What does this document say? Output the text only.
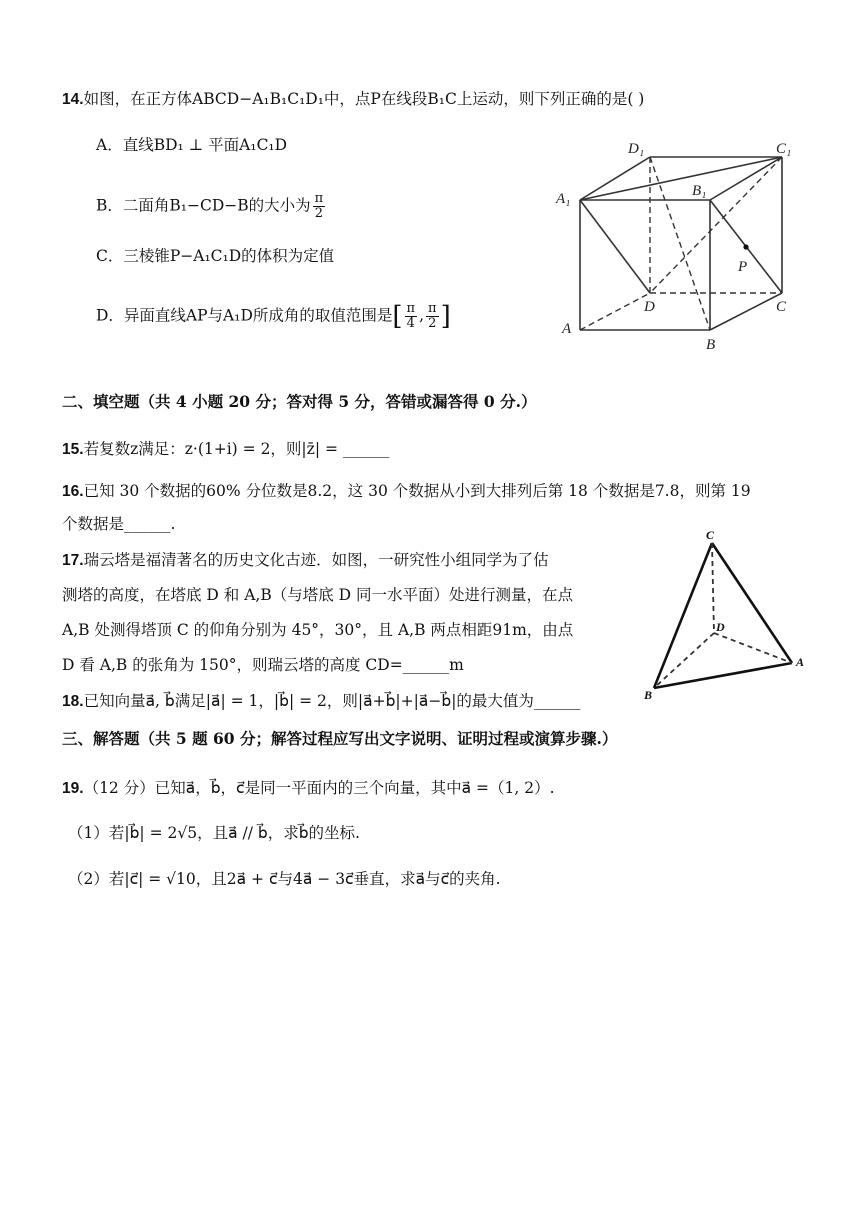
14.如图，在正方体ABCD−A₁B₁C₁D₁中，点P在线段B₁C上运动，则下列正确的是( )
A．直线BD₁ ⊥ 平面A₁C₁D
B．二面角B₁−CD−B的大小为 $\frac{\pi}{2}$
C．三棱锥P−A₁C₁D的体积为定值
D．异面直线AP与A₁D所成角的取值范围是[ $\frac{\pi}{4}$ , $\frac{\pi}{2}$ ]
D₁	C₁
A₁	B₁
P
D	C
A
B
二、填空题（共 4 小题 20 分；答对得 5 分，答错或漏答得 0 分.）
15.若复数z满足：z·(1+i) = 2，则|z̄| = ______
16.已知 30 个数据的60% 分位数是8.2，这 30 个数据从小到大排列后第 18 个数据是7.8，则第 19
个数据是______.
17.瑞云塔是福清著名的历史文化古迹．如图，一研究性小组同学为了估
测塔的高度，在塔底 D 和 A,B（与塔底 D 同一水平面）处进行测量，在点
A,B 处测得塔顶 C 的仰角分别为 45°，30°，且 A,B 两点相距91m，由点
D 看 A,B 的张角为 150°，则瑞云塔的高度 CD=______m
C
D
A
B
18.已知向量a⃗, b⃗满足|a⃗| = 1，|b⃗| = 2，则|a⃗+b⃗|+|a⃗−b⃗|的最大值为______
三、解答题（共 5 题 60 分；解答过程应写出文字说明、证明过程或演算步骤.）
19.（12 分）已知a⃗，b⃗，c⃗是同一平面内的三个向量，其中a⃗ =（1, 2）.
（1）若|b⃗| = 2√5，且a⃗ // b⃗，求b⃗的坐标.
（2）若|c⃗| = √10，且2a⃗ + c⃗与4a⃗ − 3c⃗垂直，求a⃗与c⃗的夹角.
